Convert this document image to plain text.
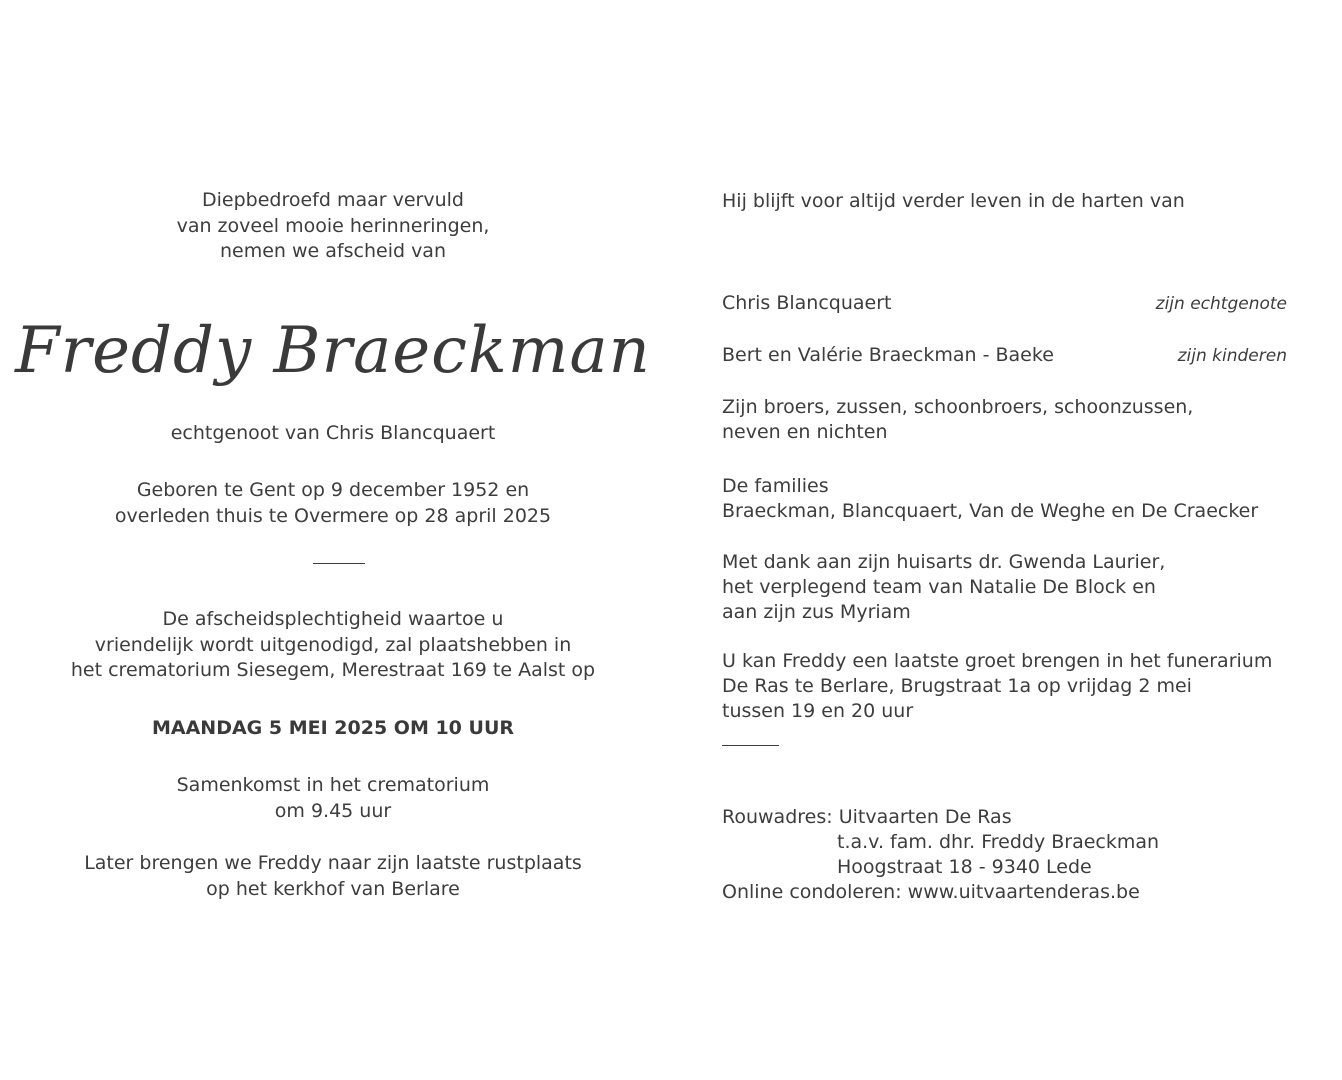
Diepbedroefd maar vervuld
van zoveel mooie herinneringen,
nemen we afscheid van
Freddy Braeckman
echtgenoot van Chris Blancquaert
Geboren te Gent op 9 december 1952 en
overleden thuis te Overmere op 28 april 2025
De afscheidsplechtigheid waartoe u
vriendelijk wordt uitgenodigd, zal plaatshebben in
het crematorium Siesegem, Merestraat 169 te Aalst op
MAANDAG 5 MEI 2025 OM 10 UUR
Samenkomst in het crematorium
om 9.45 uur
Later brengen we Freddy naar zijn laatste rustplaats
op het kerkhof van Berlare
Hij blijft voor altijd verder leven in de harten van
Chris Blancquaert	zijn echtgenote
Bert en Valérie Braeckman - Baeke	zijn kinderen
Zijn broers, zussen, schoonbroers, schoonzussen,
neven en nichten
De families
Braeckman, Blancquaert, Van de Weghe en De Craecker
Met dank aan zijn huisarts dr. Gwenda Laurier,
het verplegend team van Natalie De Block en
aan zijn zus Myriam
U kan Freddy een laatste groet brengen in het funerarium
De Ras te Berlare, Brugstraat 1a op vrijdag 2 mei
tussen 19 en 20 uur
Rouwadres: Uitvaarten De Ras
t.a.v. fam. dhr. Freddy Braeckman
Hoogstraat 18 - 9340 Lede
Online condoleren: www.uitvaartenderas.be
